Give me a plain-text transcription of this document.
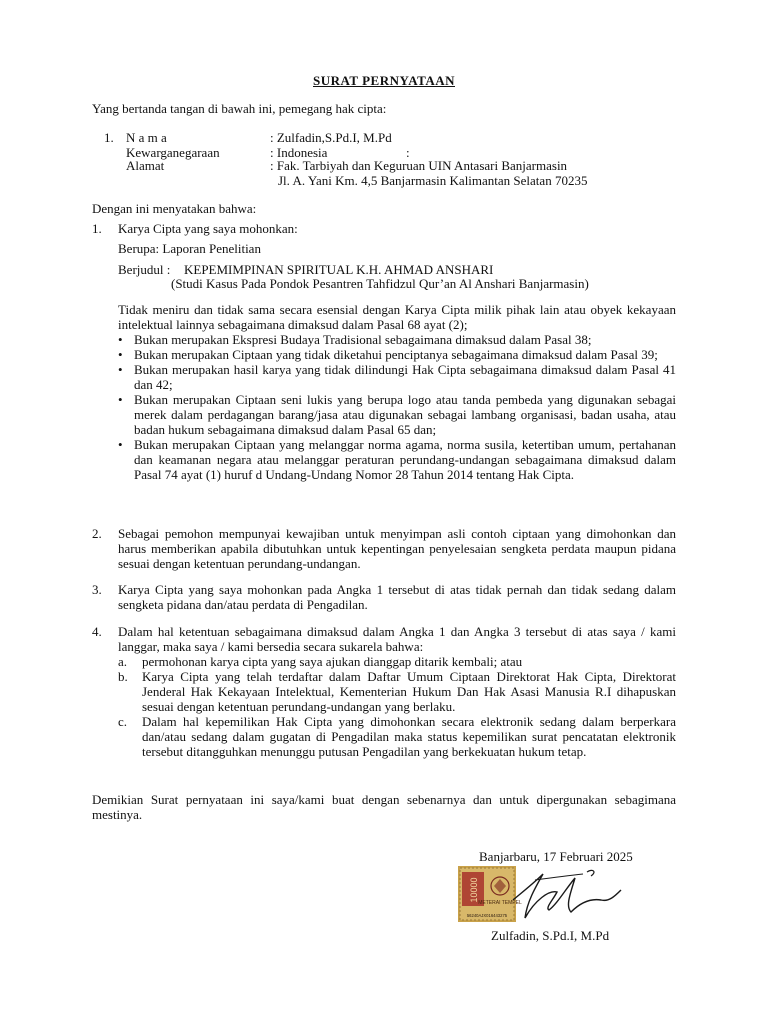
SURAT PERNYATAAN
Yang bertanda tangan di bawah ini, pemegang hak cipta:
1. N a m a	: Zulfadin,S.Pd.I, M.Pd
Kewarganegaraan	: Indonesia	:
Alamat	: Fak. Tarbiyah dan Keguruan UIN Antasari Banjarmasin
Jl. A. Yani Km. 4,5 Banjarmasin Kalimantan Selatan 70235
Dengan ini menyatakan bahwa:
1. Karya Cipta yang saya mohonkan:
Berupa: Laporan Penelitian
Berjudul : KEPEMIMPINAN SPIRITUAL K.H. AHMAD ANSHARI
(Studi Kasus Pada Pondok Pesantren Tahfidzul Qur’an Al Anshari Banjarmasin)
Tidak meniru dan tidak sama secara esensial dengan Karya Cipta milik pihak lain atau obyek kekayaan intelektual lainnya sebagaimana dimaksud dalam Pasal 68 ayat (2);
• Bukan merupakan Ekspresi Budaya Tradisional sebagaimana dimaksud dalam Pasal 38;
• Bukan merupakan Ciptaan yang tidak diketahui penciptanya sebagaimana dimaksud dalam Pasal 39;
• Bukan merupakan hasil karya yang tidak dilindungi Hak Cipta sebagaimana dimaksud dalam Pasal 41 dan 42;
• Bukan merupakan Ciptaan seni lukis yang berupa logo atau tanda pembeda yang digunakan sebagai merek dalam perdagangan barang/jasa atau digunakan sebagai lambang organisasi, badan usaha, atau badan hukum sebagaimana dimaksud dalam Pasal 65 dan;
• Bukan merupakan Ciptaan yang melanggar norma agama, norma susila, ketertiban umum, pertahanan dan keamanan negara atau melanggar peraturan perundang-undangan sebagaimana dimaksud dalam Pasal 74 ayat (1) huruf d Undang-Undang Nomor 28 Tahun 2014 tentang Hak Cipta.
2. Sebagai pemohon mempunyai kewajiban untuk menyimpan asli contoh ciptaan yang dimohonkan dan harus memberikan apabila dibutuhkan untuk kepentingan penyelesaian sengketa perdata maupun pidana sesuai dengan ketentuan perundang-undangan.
3. Karya Cipta yang saya mohonkan pada Angka 1 tersebut di atas tidak pernah dan tidak sedang dalam sengketa pidana dan/atau perdata di Pengadilan.
4. Dalam hal ketentuan sebagaimana dimaksud dalam Angka 1 dan Angka 3 tersebut di atas saya / kami langgar, maka saya / kami bersedia secara sukarela bahwa:
a. permohonan karya cipta yang saya ajukan dianggap ditarik kembali; atau
b. Karya Cipta yang telah terdaftar dalam Daftar Umum Ciptaan Direktorat Hak Cipta, Direktorat Jenderal Hak Kekayaan Intelektual, Kementerian Hukum Dan Hak Asasi Manusia R.I dihapuskan sesuai dengan ketentuan perundang-undangan yang berlaku.
c. Dalam hal kepemilikan Hak Cipta yang dimohonkan secara elektronik sedang dalam berperkara dan/atau sedang dalam gugatan di Pengadilan maka status kepemilikan surat pencatatan elektronik tersebut ditangguhkan menunggu putusan Pengadilan yang berkekuatan hukum tetap.
Demikian Surat pernyataan ini saya/kami buat dengan sebenarnya dan untuk dipergunakan sebagimana mestinya.
Banjarbaru, 17 Februari 2025
10000
METERAI TEMPEL
56240AJX016443275
Zulfadin, S.Pd.I, M.Pd
